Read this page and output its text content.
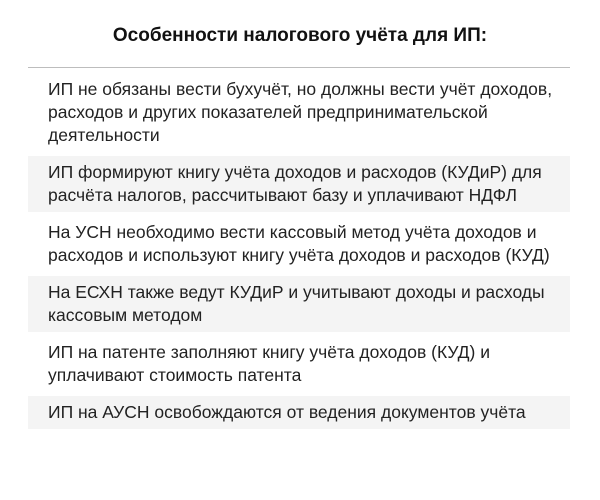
Особенности налогового учёта для ИП:
ИП не обязаны вести бухучёт, но должны вести учёт доходов, расходов и других показателей предпринимательской деятельности
ИП формируют книгу учёта доходов и расходов (КУДиР) для расчёта налогов, рассчитывают базу и уплачивают НДФЛ
На УСН необходимо вести кассовый метод учёта доходов и расходов и используют книгу учёта доходов и расходов (КУД)
На ЕСХН также ведут КУДиР и учитывают доходы и расходы кассовым методом
ИП на патенте заполняют книгу учёта доходов (КУД) и уплачивают стоимость патента
ИП на АУСН освобождаются от ведения документов учёта
